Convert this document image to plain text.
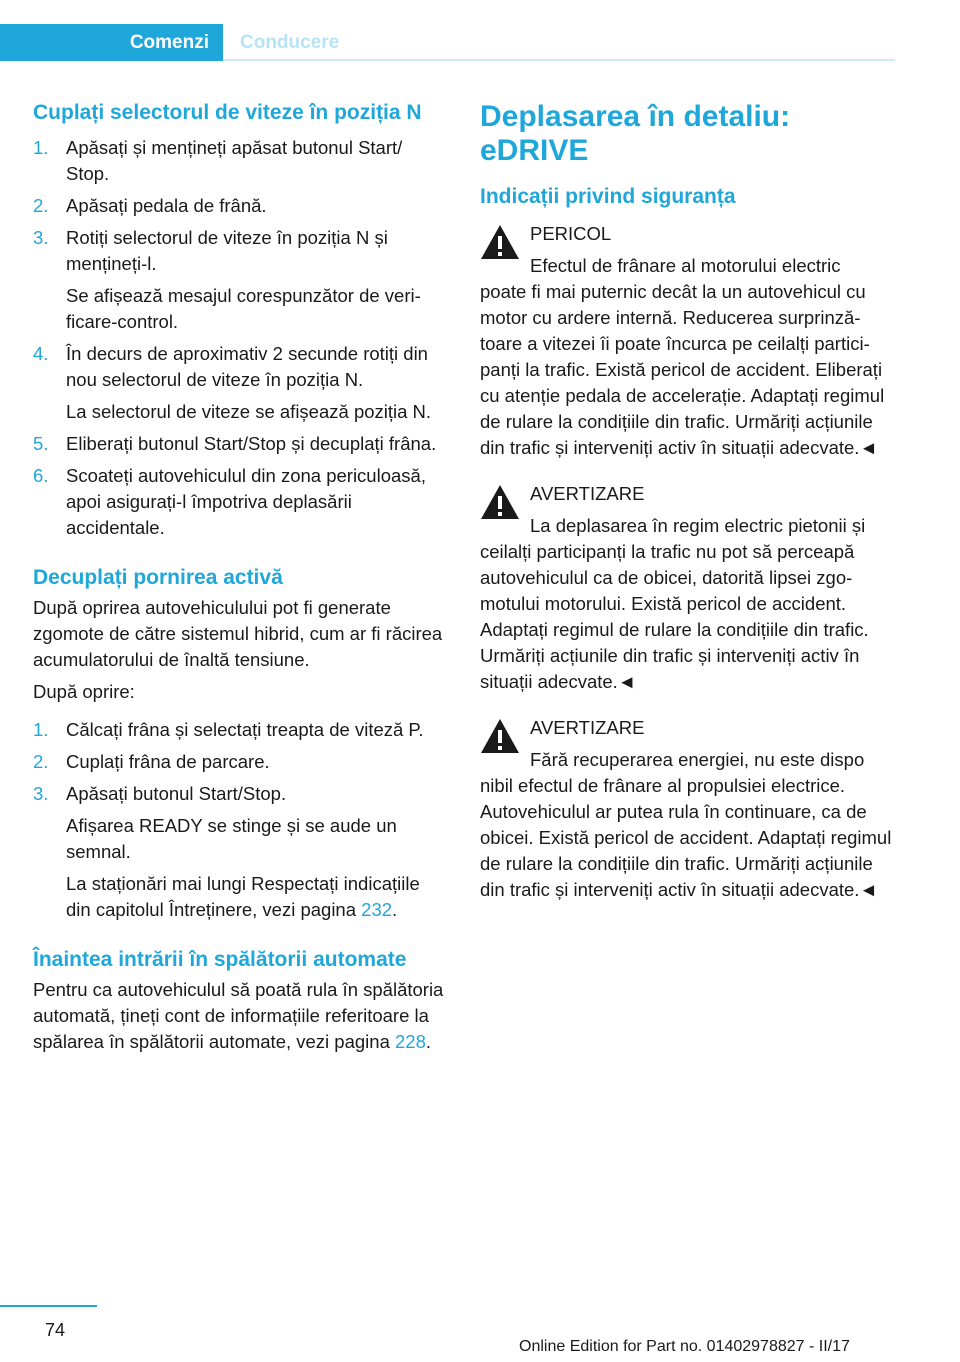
Comenzi	Conducere
Cuplați selectorul de viteze în poziția N
1. Apăsați și mențineți apăsat butonul Start/ Stop.
2. Apăsați pedala de frână.
3. Rotiți selectorul de viteze în poziția N și mențineți-l.

Se afișează mesajul corespunzător de verificare-control.

4. În decurs de aproximativ 2 secunde rotiți din nou selectorul de viteze în poziția N.

La selectorul de viteze se afișează poziția N.

5. Eliberați butonul Start/Stop și decuplați frâna.
6. Scoateți autovehiculul din zona periculoasă, apoi asigurați-l împotriva deplasării accidentale.
Decuplați pornirea activă

După oprirea autovehiculului pot fi generate zgomote de către sistemul hibrid, cum ar fi răcirea acumulatorului de înaltă tensiune.

După oprire:

1. Călcați frâna și selectați treapta de viteză P.
2. Cuplați frâna de parcare.
3. Apăsați butonul Start/Stop.

Afișarea READY se stinge și se aude un semnal.

La staționări mai lungi Respectați indicațiile din capitolul Întreținere, vezi pagina 232.

Înaintea intrării în spălătorii automate

Pentru ca autovehiculul să poată rula în spălătoria automată, țineți cont de informațiile referitoare la spălarea în spălătorii automate, vezi pagina 228.

Deplasarea în detaliu: eDRIVE
Indicații privind siguranța
PERICOL

Efectul de frânare al motorului electric
poate fi mai puternic decât la un autovehicul cu motor cu ardere internă. Reducerea surprinzătoare a vitezei îi poate încurca pe ceilalți participanți la trafic. Există pericol de accident. Eliberați cu atenție pedala de accelerație. Adaptați regimul de rulare la condițiile din trafic. Urmăriți acțiunile din trafic și interveniți activ în situații adecvate.◄

AVERTIZARE

La deplasarea în regim electric pietonii și
ceilalți participanți la trafic nu pot să perceapă autovehiculul ca de obicei, datorită lipsei zgomotului motorului. Există pericol de accident. Adaptați regimul de rulare la condițiile din trafic. Urmăriți acțiunile din trafic și interveniți activ în situații adecvate.◄

AVERTIZARE

Fără recuperarea energiei, nu este dispo
nibil efectul de frânare al propulsiei electrice. Autovehiculul ar putea rula în continuare, ca de obicei. Există pericol de accident. Adaptați regimul de rulare la condițiile din trafic. Urmăriți acțiunile din trafic și interveniți activ în situații adecvate.◄

74
Online Edition for Part no. 01402978827 - II/17
